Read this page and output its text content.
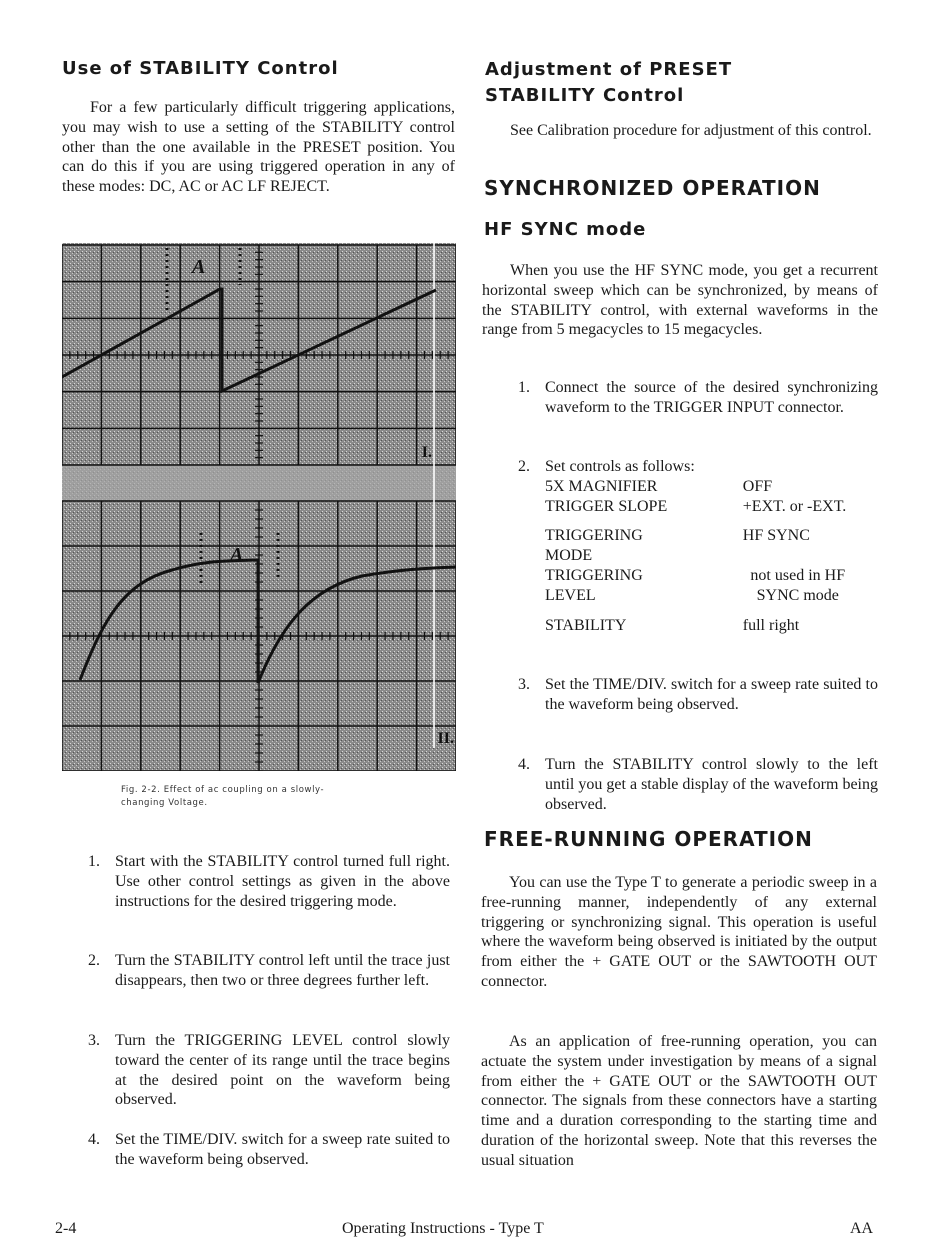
Use of STABILITY Control
For a few particularly difficult triggering applications, you may wish to use a setting of the STABILITY control other than the one available in the PRESET position. You can do this if you are using triggered operation in any of these modes: DC, AC or AC LF REJECT.
A
I.
A
II.
Fig. 2-2. Effect of ac coupling on a slowly-
changing Voltage.
1. Start with the STABILITY control turned full right. Use other control settings as given in the above instructions for the desired triggering mode.
2. Turn the STABILITY control left until the trace just disappears, then two or three degrees further left.
3. Turn the TRIGGERING LEVEL control slowly toward the center of its range until the trace begins at the desired point on the waveform being observed.
4. Set the TIME/DIV. switch for a sweep rate suited to the waveform being observed.
Adjustment of PRESET
STABILITY Control
See Calibration procedure for adjustment of this control.
SYNCHRONIZED OPERATION
HF SYNC mode
When you use the HF SYNC mode, you get a recurrent horizontal sweep which can be synchronized, by means of the STABILITY control, with external waveforms in the range from 5 megacycles to 15 megacycles.
1. Connect the source of the desired synchronizing waveform to the TRIGGER INPUT connector.
2. Set controls as follows:
5X MAGNIFIER	OFF
TRIGGER SLOPE	+EXT. or -EXT.
TRIGGERING MODE	HF SYNC
TRIGGERING LEVEL	not used in HF SYNC mode
STABILITY	full right
3. Set the TIME/DIV. switch for a sweep rate suited to the waveform being observed.
4. Turn the STABILITY control slowly to the left until you get a stable display of the waveform being observed.
FREE-RUNNING OPERATION
You can use the Type T to generate a periodic sweep in a free-running manner, independently of any external triggering or synchronizing signal. This operation is useful where the waveform being observed is initiated by the output from either the + GATE OUT or the SAWTOOTH OUT connector.
As an application of free-running operation, you can actuate the system under investigation by means of a signal from either the + GATE OUT or the SAWTOOTH OUT connector. The signals from these connectors have a starting time and a duration corresponding to the starting time and duration of the horizontal sweep. Note that this reverses the usual situation
2-4	Operating Instructions - Type T	AA
